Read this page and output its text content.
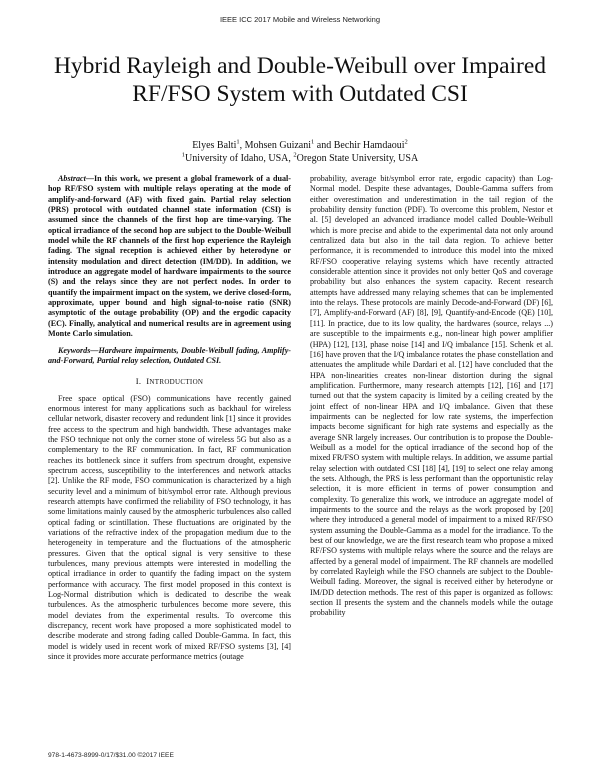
IEEE ICC 2017 Mobile and Wireless Networking
Hybrid Rayleigh and Double-Weibull over Impaired RF/FSO System with Outdated CSI
Elyes Balti$^1$, Mohsen Guizani$^1$ and Bechir Hamdaoui$^2$
$^1$University of Idaho, USA, $^2$Oregon State University, USA

Abstract—In this work, we present a global framework of a dual-hop RF/FSO system with multiple relays operating at the mode of amplify-and-forward (AF) with fixed gain. Partial relay selection (PRS) protocol with outdated channel state information (CSI) is assumed since the channels of the first hop are time-varying. The optical irradiance of the second hop are subject to the Double-Weibull model while the RF channels of the first hop experience the Rayleigh fading. The signal reception is achieved either by heterodyne or intensity modulation and direct detection (IM/DD). In addition, we introduce an aggregate model of hardware impairments to the source (S) and the relays since they are not perfect nodes. In order to quantify the impairment impact on the system, we derive closed-form, approximate, upper bound and high signal-to-noise ratio (SNR) asymptotic of the outage probability (OP) and the ergodic capacity (EC). Finally, analytical and numerical results are in agreement using Monte Carlo simulation.

Keywords—Hardware impairments, Double-Weibull fading, Amplify-and-Forward, Partial relay selection, Outdated CSI.

I. INTRODUCTION

Free space optical (FSO) communications have recently gained enormous interest for many applications such as backhaul for wireless cellular network, disaster recovery and redundent link [1] since it provides free access to the spectrum and high bandwidth. These advantages make the FSO technique not only the corner stone of wireless 5G but also as a complementary to the RF communication. In fact, RF communication reaches its bottleneck since it suffers from spectrum drought, expensive spectrum access, susceptibility to the interferences and network attacks [2]. Unlike the RF mode, FSO communication is characterized by a high security level and a minimum of bit/symbol error rate. Although previous research attempts have confirmed the reliability of FSO technology, it has some limitations mainly caused by the atmospheric turbulences also called optical fading or scintillation. These fluctuations are originated by the variations of the refractive index of the propagation medium due to the heterogeneity in temperature and the fluctuations of the atmospheric pressures. Given that the optical signal is very sensitive to these turbulences, many previous attempts were interested in modelling the optical irradiance in order to quantify the fading impact on the system performance with accuracy. The first model proposed in this context is Log-Normal distribution which is dedicated to describe the weak turbulences. As the atmospheric turbulences become more severe, this model deviates from the experimental results. To overcome this discrepancy, recent work have proposed a more sophisticated model to describe moderate and strong fading called Double-Gamma. In fact, this model is widely used in recent work of mixed RF/FSO systems [3], [4] since it provides more accurate performance metrics (outage

probability, average bit/symbol error rate, ergodic capacity) than Log-Normal model. Despite these advantages, Double-Gamma suffers from either overestimation and underestimation in the tail region of the probability density function (PDF). To overcome this problem, Nestor et al. [5] developed an advanced irradiance model called Double-Weibull which is more precise and abide to the experimental data not only around centralized data but also in the tail data region. To achieve better performance, it is recommended to introduce this model into the mixed RF/FSO cooperative relaying systems which have recently attracted considerable attention since it provides not only better QoS and coverage probability but also enhances the system capacity. Recent research attempts have addressed many relaying schemes that can be implemented into the relays. These protocols are mainly Decode-and-Forward (DF) [6], [7], Amplify-and-Forward (AF) [8], [9], Quantify-and-Encode (QE) [10], [11]. In practice, due to its low quality, the hardwares (source, relays ...) are susceptible to the impairments e.g., non-linear high power amplifier (HPA) [12], [13], phase noise [14] and I/Q imbalance [15]. Schenk et al. [16] have proven that the I/Q imbalance rotates the phase constellation and attenuates the amplitude while Dardari et al. [12] have concluded that the HPA non-linearities creates non-linear distortion during the signal amplification. Furthermore, many research attempts [12], [16] and [17] turned out that the system capacity is limited by a ceiling created by the joint effect of non-linear HPA and I/Q imbalance. Given that these impairments can be neglected for low rate systems, the imperfection impacts become significant for high rate systems and especially as the average SNR largely increases. Our contribution is to propose the Double-Weibull as a model for the optical irradiance of the second hop of the mixed FR/FSO system with multiple relays. In addition, we assume partial relay selection with outdated CSI [18] [4], [19] to select one relay among the sets. Although, the PRS is less performant than the opportunistic relay selection, it is more efficient in terms of power consumption and complexity. To generalize this work, we introduce an aggregate model of impairments to the source and the relays as the work proposed by [20] where they introduced a general model of impairment to a mixed RF/FSO system assuming the Double-Gamma as a model for the irradiance. To the best of our knowledge, we are the first research team who propose a mixed RF/FSO systems with multiple relays where the source and the relays are affected by a general model of impairment. The RF channels are modelled by correlated Rayleigh while the FSO channels are subject to the Double-Weibull fading. Moreover, the signal is received either by heterodyne or IM/DD detection methods. The rest of this paper is organized as follows: section II presents the system and the channels models while the outage probability

978-1-4673-8999-0/17/$31.00 ©2017 IEEE
